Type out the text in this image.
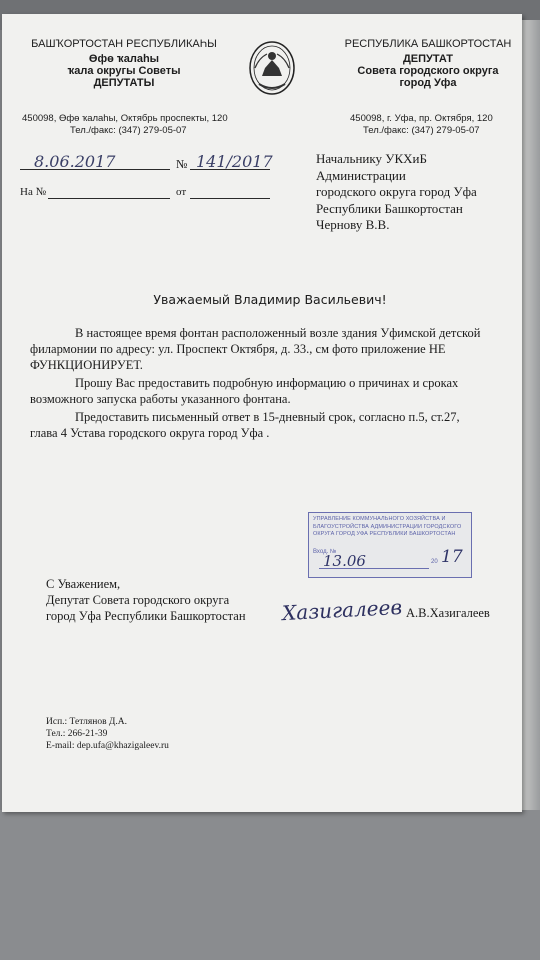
БАШҠОРТОСТАН РЕСПУБЛИКАҺЫ
Өфө ҡалаһы
ҡала округы Советы
ДЕПУТАТЫ
450098, Өфө ҡалаһы, Октябрь проспекты, 120
Тел./факс: (347) 279-05-07
РЕСПУБЛИКА БАШКОРТОСТАН
ДЕПУТАТ
Совета городского округа
город Уфа
450098, г. Уфа, пр. Октября, 120
Тел./факс: (347) 279-05-07
8.06.2017	№ 141/2017
На №	от
Начальнику УКХиБ
Администрации
городского округа город Уфа
Республики Башкортостан
Чернову В.В.
Уважаемый Владимир Васильевич!
В настоящее время фонтан расположенный возле здания Уфимской детской
филармонии по адресу: ул. Проспект Октября, д. 33., см фото приложение НЕ
ФУНКЦИОНИРУЕТ.
Прошу Вас предоставить подробную информацию о причинах и сроках
возможного запуска работы указанного фонтана.
Предоставить письменный ответ в 15-дневный срок, согласно п.5, ст.27,
глава 4 Устава городского округа город Уфа .
УПРАВЛЕНИЕ КОММУНАЛЬНОГО ХОЗЯЙСТВА И
БЛАГОУСТРОЙСТВА АДМИНИСТРАЦИИ ГОРОДСКОГО
ОКРУГА ГОРОД УФА РЕСПУБЛИКИ БАШКОРТОСТАН
Вход. №
13.06	20 17
С Уважением,
Депутат Совета городского округа
город Уфа Республики Башкортостан Хазигалеев А.В.Хазигалеев
Исп.: Тетлянов Д.А.
Тел.: 266-21-39
E-mail: dep.ufa@khazigaleev.ru
